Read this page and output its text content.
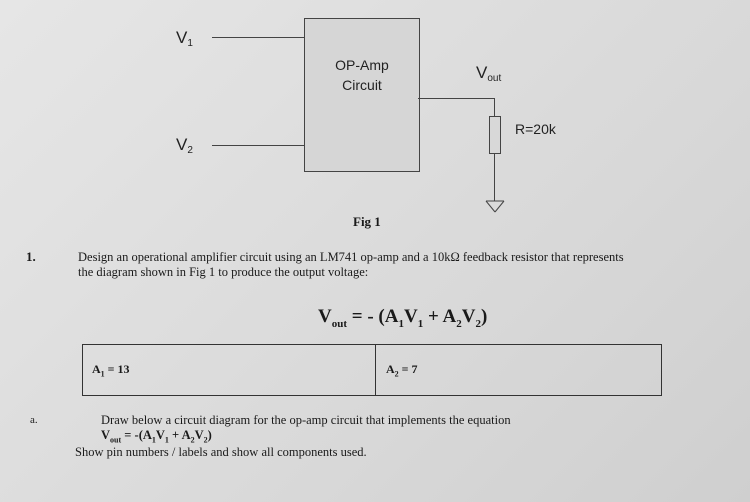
$V_1$
$V_2$
OP-Amp
Circuit
$V_{out}$
R=20k
Fig 1
1.	Design an operational amplifier circuit using an LM741 op-amp and a 10kΩ feedback resistor that represents
the diagram shown in Fig 1 to produce the output voltage:
$V_{out}$ = - $(A_1V_1 + A_2V_2)$
$A_1 = 13$	$A_2 = 7$
a.	Draw below a circuit diagram for the op-amp circuit that implements the equation
$V_{out} = -(A_1V_1 + A_2V_2)$
Show pin numbers / labels and show all components used.
